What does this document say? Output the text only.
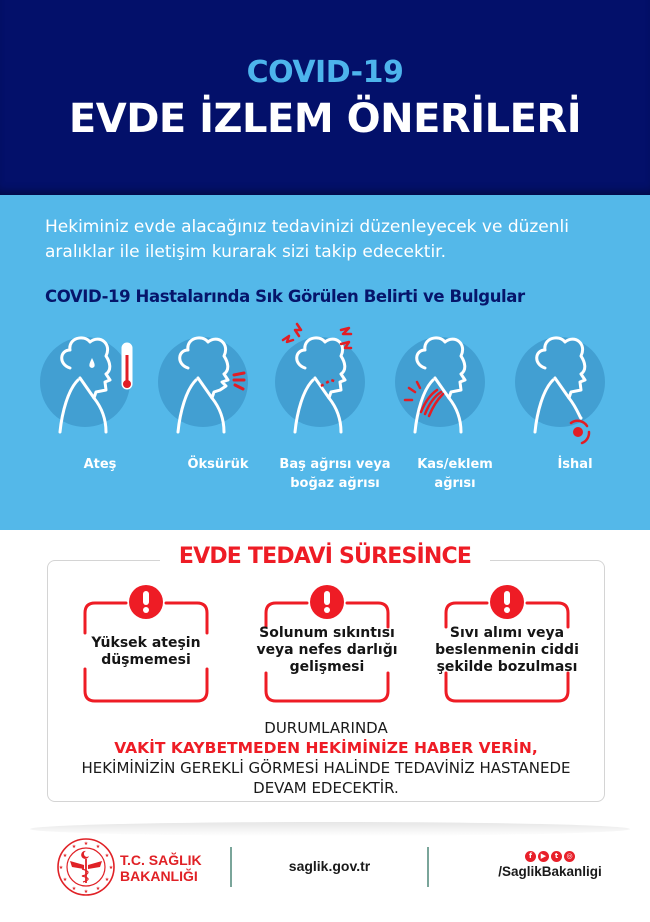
COVID-19
EVDE İZLEM ÖNERİLERİ
Hekiminiz evde alacağınız tedavinizi düzenleyecek ve düzenli aralıklar ile iletişim kurarak sizi takip edecektir.
COVID-19 Hastalarında Sık Görülen Belirti ve Bulgular
Ateş	Öksürük	Baş ağrısı veya boğaz ağrısı
Kas/eklem ağrısı
İshal
EVDE TEDAVİ SÜRESİNCE
Yüksek ateşin düşmemesi
Solunum sıkıntısı veya nefes darlığı gelişmesi
Sıvı alımı veya beslenmenin ciddi şekilde bozulması
DURUMLARINDA
VAKİT KAYBETMEDEN HEKİMİNİZE HABER VERİN,
HEKİMİNİZİN GEREKLİ GÖRMESİ HALİNDE TEDAVİNİZ HASTANEDE
DEVAM EDECEKTİR.
★
★	★
★	★
★	★
★	★
★	★
★
T.C. SAĞLIK
BAKANLIĞI
saglik.gov.tr
f	▶	t	◎
/SaglikBakanligi
